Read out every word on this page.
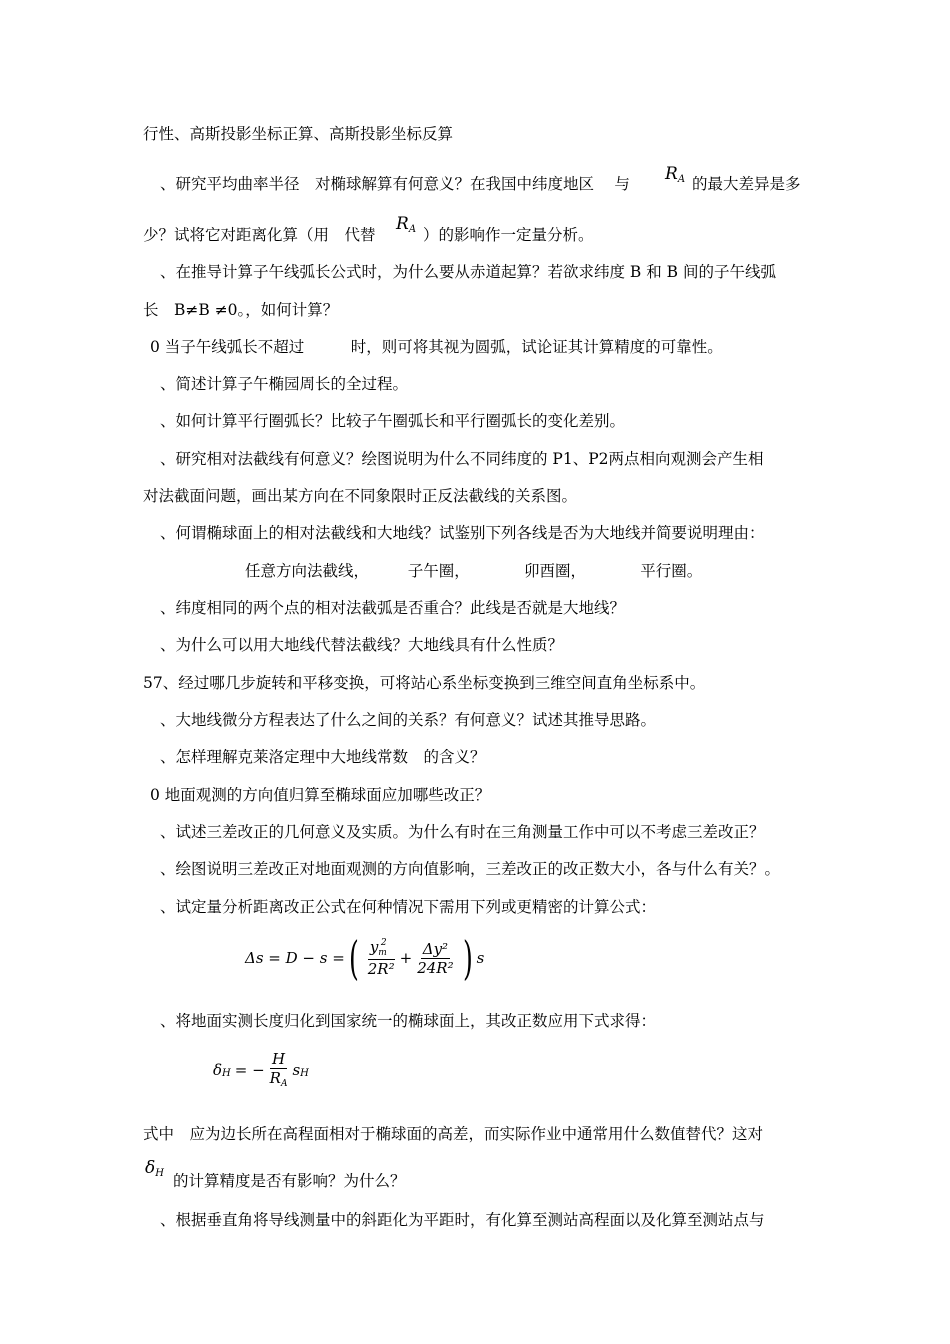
行性、高斯投影坐标正算、高斯投影坐标反算
、研究平均曲率半径　对椭球解算有何意义？在我国中纬度地区　 与 RA 的最大差异是多
少？试将它对距离化算（用　代替
RA ）的影响作一定量分析。
、在推导计算子午线弧长公式时，为什么要从赤道起算？若欲求纬度 B 和 B 间的子午线弧
长　B≠B ≠0。，如何计算？
0 当子午线弧长不超过　　　时，则可将其视为圆弧，试论证其计算精度的可靠性。
、简述计算子午椭园周长的全过程。
、如何计算平行圈弧长？比较子午圈弧长和平行圈弧长的变化差别。
、研究相对法截线有何意义？绘图说明为什么不同纬度的 P1、P2两点相向观测会产生相
对法截面问题，画出某方向在不同象限时正反法截线的关系图。
、何谓椭球面上的相对法截线和大地线？试鉴别下列各线是否为大地线并简要说明理由：
任意方向法截线，　　　子午圈，　　　　卯酉圈，　　　　平行圈。
、纬度相同的两个点的相对法截弧是否重合？此线是否就是大地线？
、为什么可以用大地线代替法截线？大地线具有什么性质？
57、经过哪几步旋转和平移变换，可将站心系坐标变换到三维空间直角坐标系中。
、大地线微分方程表达了什么之间的关系？有何意义？试述其推导思路。
、怎样理解克莱洛定理中大地线常数　的含义？
0 地面观测的方向值归算至椭球面应加哪些改正？
、试述三差改正的几何意义及实质。为什么有时在三角测量工作中可以不考虑三差改正？
、绘图说明三差改正对地面观测的方向值影响，三差改正的改正数大小，各与什么有关？。
、试定量分析距离改正公式在何种情况下需用下列或更精密的计算公式：
Δs = D − s = ( $\frac{y_m^2}{\text{2R²}} + \frac{\text{Δy²}}{\text{24R²}}$ ) s
、将地面实测长度归化到国家统一的椭球面上，其改正数应用下式求得：
δ H = − $\frac{H}{R_A}$ s H
式中　应为边长所在高程面相对于椭球面的高差，而实际作业中通常用什么数值替代？这对
δH 的计算精度是否有影响？为什么？
、根据垂直角将导线测量中的斜距化为平距时，有化算至测站高程面以及化算至测站点与
